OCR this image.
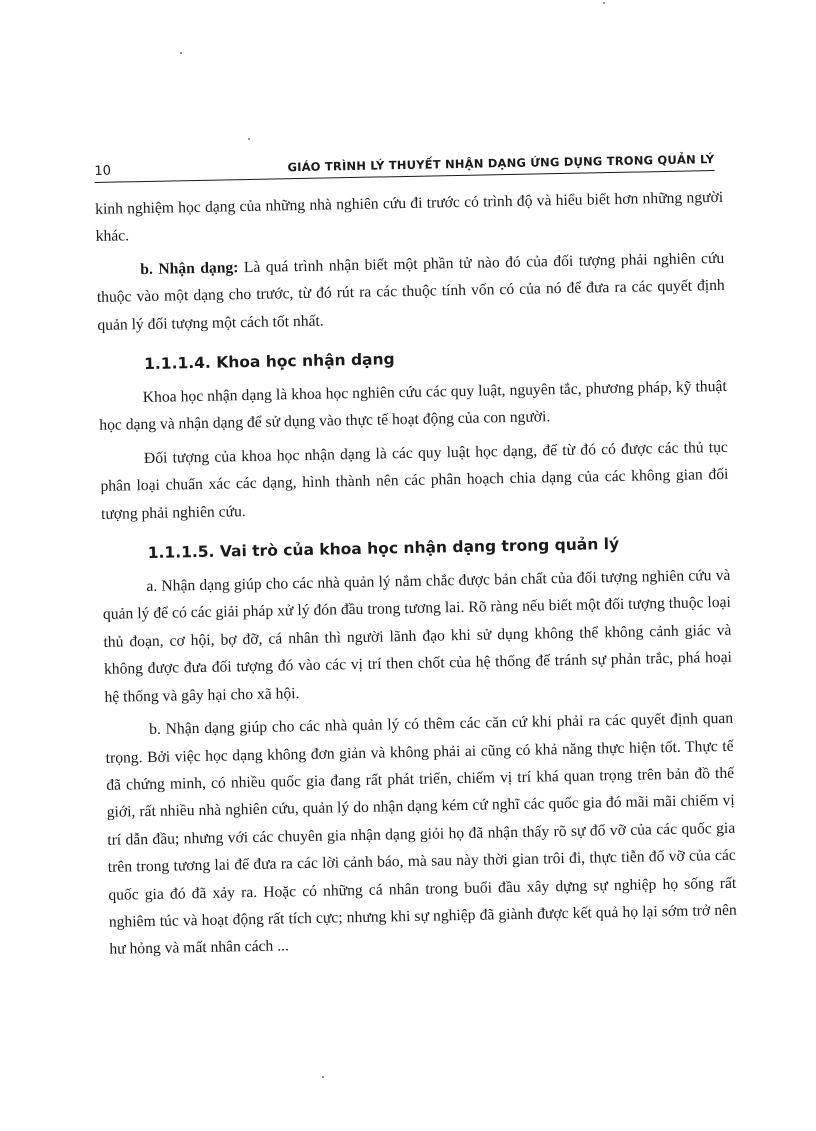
10	GIÁO TRÌNH LÝ THUYẾT NHẬN DẠNG ỨNG DỤNG TRONG QUẢN LÝ

kinh nghiệm học dạng của những nhà nghiên cứu đi trước có trình độ và hiểu biết hơn những người khác.

b. Nhận dạng: Là quá trình nhận biết một phần tử nào đó của đối tượng phải nghiên cứu thuộc vào một dạng cho trước, từ đó rút ra các thuộc tính vốn có của nó để đưa ra các quyết định quản lý đối tượng một cách tốt nhất.

1.1.1.4. Khoa học nhận dạng

Khoa học nhận dạng là khoa học nghiên cứu các quy luật, nguyên tắc, phương pháp, kỹ thuật học dạng và nhận dạng để sử dụng vào thực tế hoạt động của con người.

Đối tượng của khoa học nhận dạng là các quy luật học dạng, để từ đó có được các thủ tục phân loại chuẩn xác các dạng, hình thành nên các phân hoạch chia dạng của các không gian đối tượng phải nghiên cứu.

1.1.1.5. Vai trò của khoa học nhận dạng trong quản lý

a. Nhận dạng giúp cho các nhà quản lý nắm chắc được bản chất của đối tượng nghiên cứu và quản lý để có các giải pháp xử lý đón đầu trong tương lai. Rõ ràng nếu biết một đối tượng thuộc loại thủ đoạn, cơ hội, bợ đỡ, cá nhân thì người lãnh đạo khi sử dụng không thể không cảnh giác và không được đưa đối tượng đó vào các vị trí then chốt của hệ thống để tránh sự phản trắc, phá hoại hệ thống và gây hại cho xã hội.

b. Nhận dạng giúp cho các nhà quản lý có thêm các căn cứ khi phải ra các quyết định quan trọng. Bởi việc học dạng không đơn giản và không phải ai cũng có khả năng thực hiện tốt. Thực tế đã chứng minh, có nhiều quốc gia đang rất phát triển, chiếm vị trí khá quan trọng trên bản đồ thế giới, rất nhiều nhà nghiên cứu, quản lý do nhận dạng kém cứ nghĩ các quốc gia đó mãi mãi chiếm vị trí dẫn đầu; nhưng với các chuyên gia nhận dạng giỏi họ đã nhận thấy rõ sự đổ vỡ của các quốc gia trên trong tương lai để đưa ra các lời cảnh báo, mà sau này thời gian trôi đi, thực tiễn đổ vỡ của các quốc gia đó đã xảy ra. Hoặc có những cá nhân trong buổi đầu xây dựng sự nghiệp họ sống rất nghiêm túc và hoạt động rất tích cực; nhưng khi sự nghiệp đã giành được kết quả họ lại sớm trở nên hư hỏng và mất nhân cách ...
